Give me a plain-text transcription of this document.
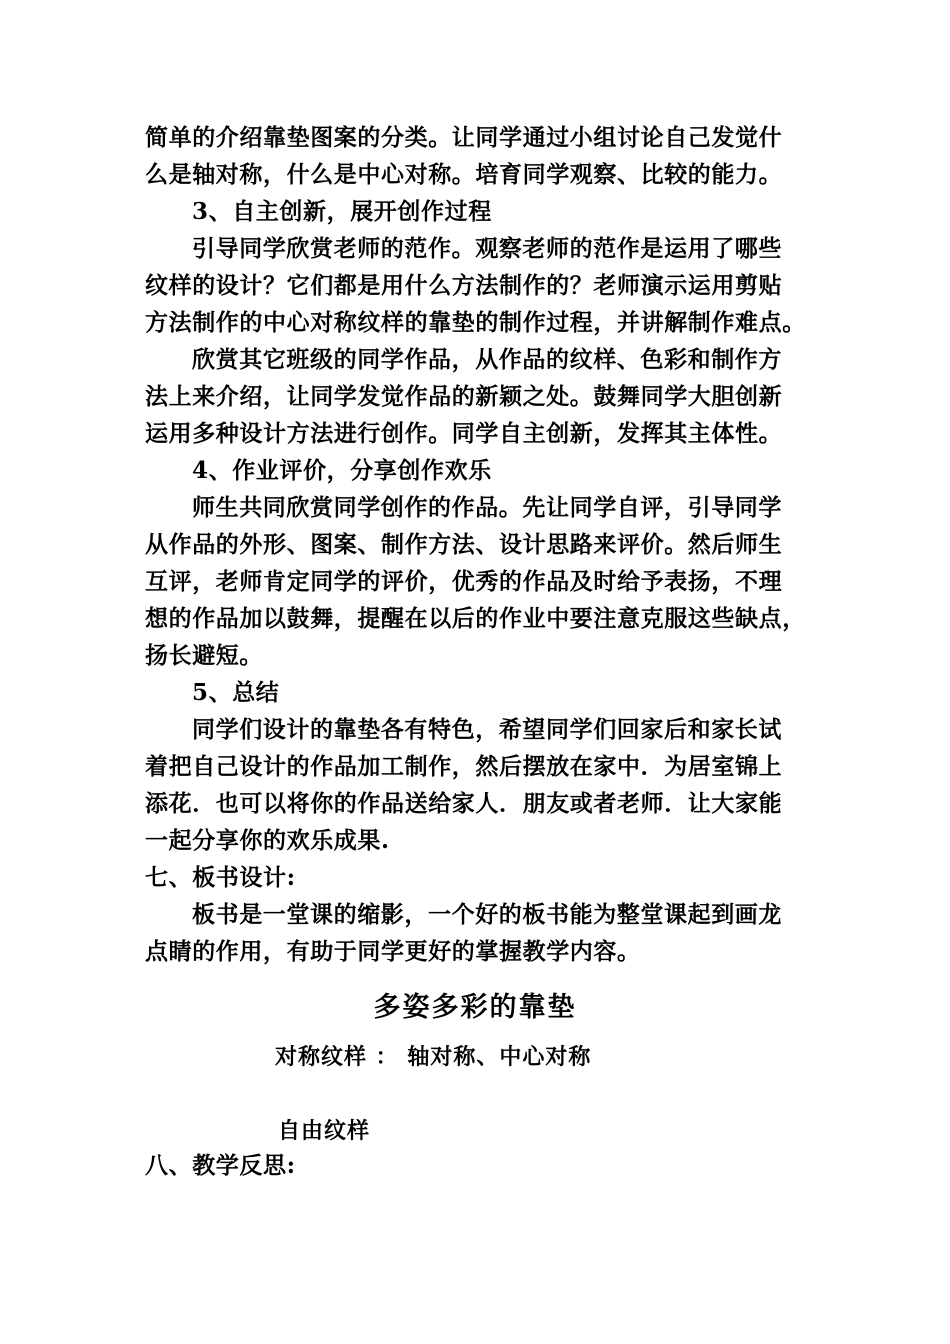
简单的介绍靠垫图案的分类。让同学通过小组讨论自己发觉什
么是轴对称，什么是中心对称。培育同学观察、比较的能力。
3、自主创新，展开创作过程
引导同学欣赏老师的范作。观察老师的范作是运用了哪些
纹样的设计？它们都是用什么方法制作的？老师演示运用剪贴
方法制作的中心对称纹样的靠垫的制作过程，并讲解制作难点。
欣赏其它班级的同学作品，从作品的纹样、色彩和制作方
法上来介绍，让同学发觉作品的新颖之处。鼓舞同学大胆创新
运用多种设计方法进行创作。同学自主创新，发挥其主体性。
4、作业评价，分享创作欢乐
师生共同欣赏同学创作的作品。先让同学自评，引导同学
从作品的外形、图案、制作方法、设计思路来评价。然后师生
互评，老师肯定同学的评价，优秀的作品及时给予表扬，不理
想的作品加以鼓舞，提醒在以后的作业中要注意克服这些缺点，
扬长避短。
5、总结
同学们设计的靠垫各有特色，希望同学们回家后和家长试
着把自己设计的作品加工制作，然后摆放在家中．为居室锦上
添花．也可以将你的作品送给家人．朋友或者老师．让大家能
一起分享你的欢乐成果.
七、板书设计:
板书是一堂课的缩影，一个好的板书能为整堂课起到画龙
点睛的作用，有助于同学更好的掌握教学内容。
多姿多彩的靠垫
对称纹样 ： 轴对称、中心对称
自由纹样
八、教学反思:
